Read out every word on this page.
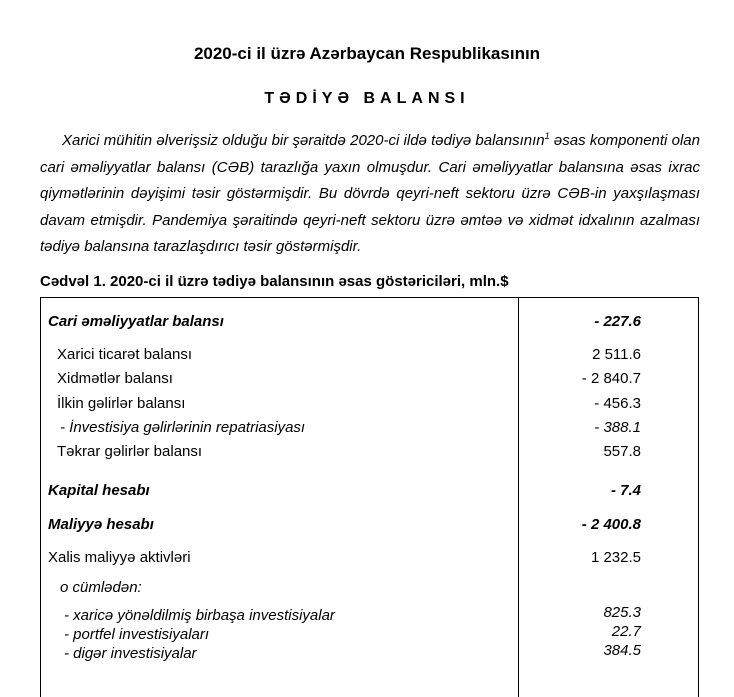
2020-ci il üzrə Azərbaycan Respublikasının
TƏDİYƏ BALANSI
Xarici mühitin əlverişsiz olduğu bir şəraitdə 2020-ci ildə tədiyə balansının$^1$ əsas komponenti olan cari əməliyyatlar balansı (CƏB) tarazlığa yaxın olmuşdur. Cari əməliyyatlar balansına əsas ixrac qiymətlərinin dəyişimi təsir göstərmişdir. Bu dövrdə qeyri-neft sektoru üzrə CƏB-in yaxşılaşması davam etmişdir. Pandemiya şəraitində qeyri-neft sektoru üzrə əmtəə və xidmət idxalının azalması tədiyə balansına tarazlaşdırıcı təsir göstərmişdir.
Cədvəl 1. 2020-ci il üzrə tədiyə balansının əsas göstəriciləri, mln.$
Cari əməliyyatlar balansı	- 227.6
Xarici ticarət balansı	2 511.6
Xidmətlər balansı	- 2 840.7
İlkin gəlirlər balansı	- 456.3
- İnvestisiya gəlirlərinin repatriasiyası	- 388.1
Təkrar gəlirlər balansı	557.8
Kapital hesabı	- 7.4
Maliyyə hesabı	- 2 400.8
Xalis maliyyə aktivləri	1 232.5
o cümlədən:
- xaricə yönəldilmiş birbaşa investisiyalar	825.3
- portfel investisiyaları	22.7
- digər investisiyalar	384.5
